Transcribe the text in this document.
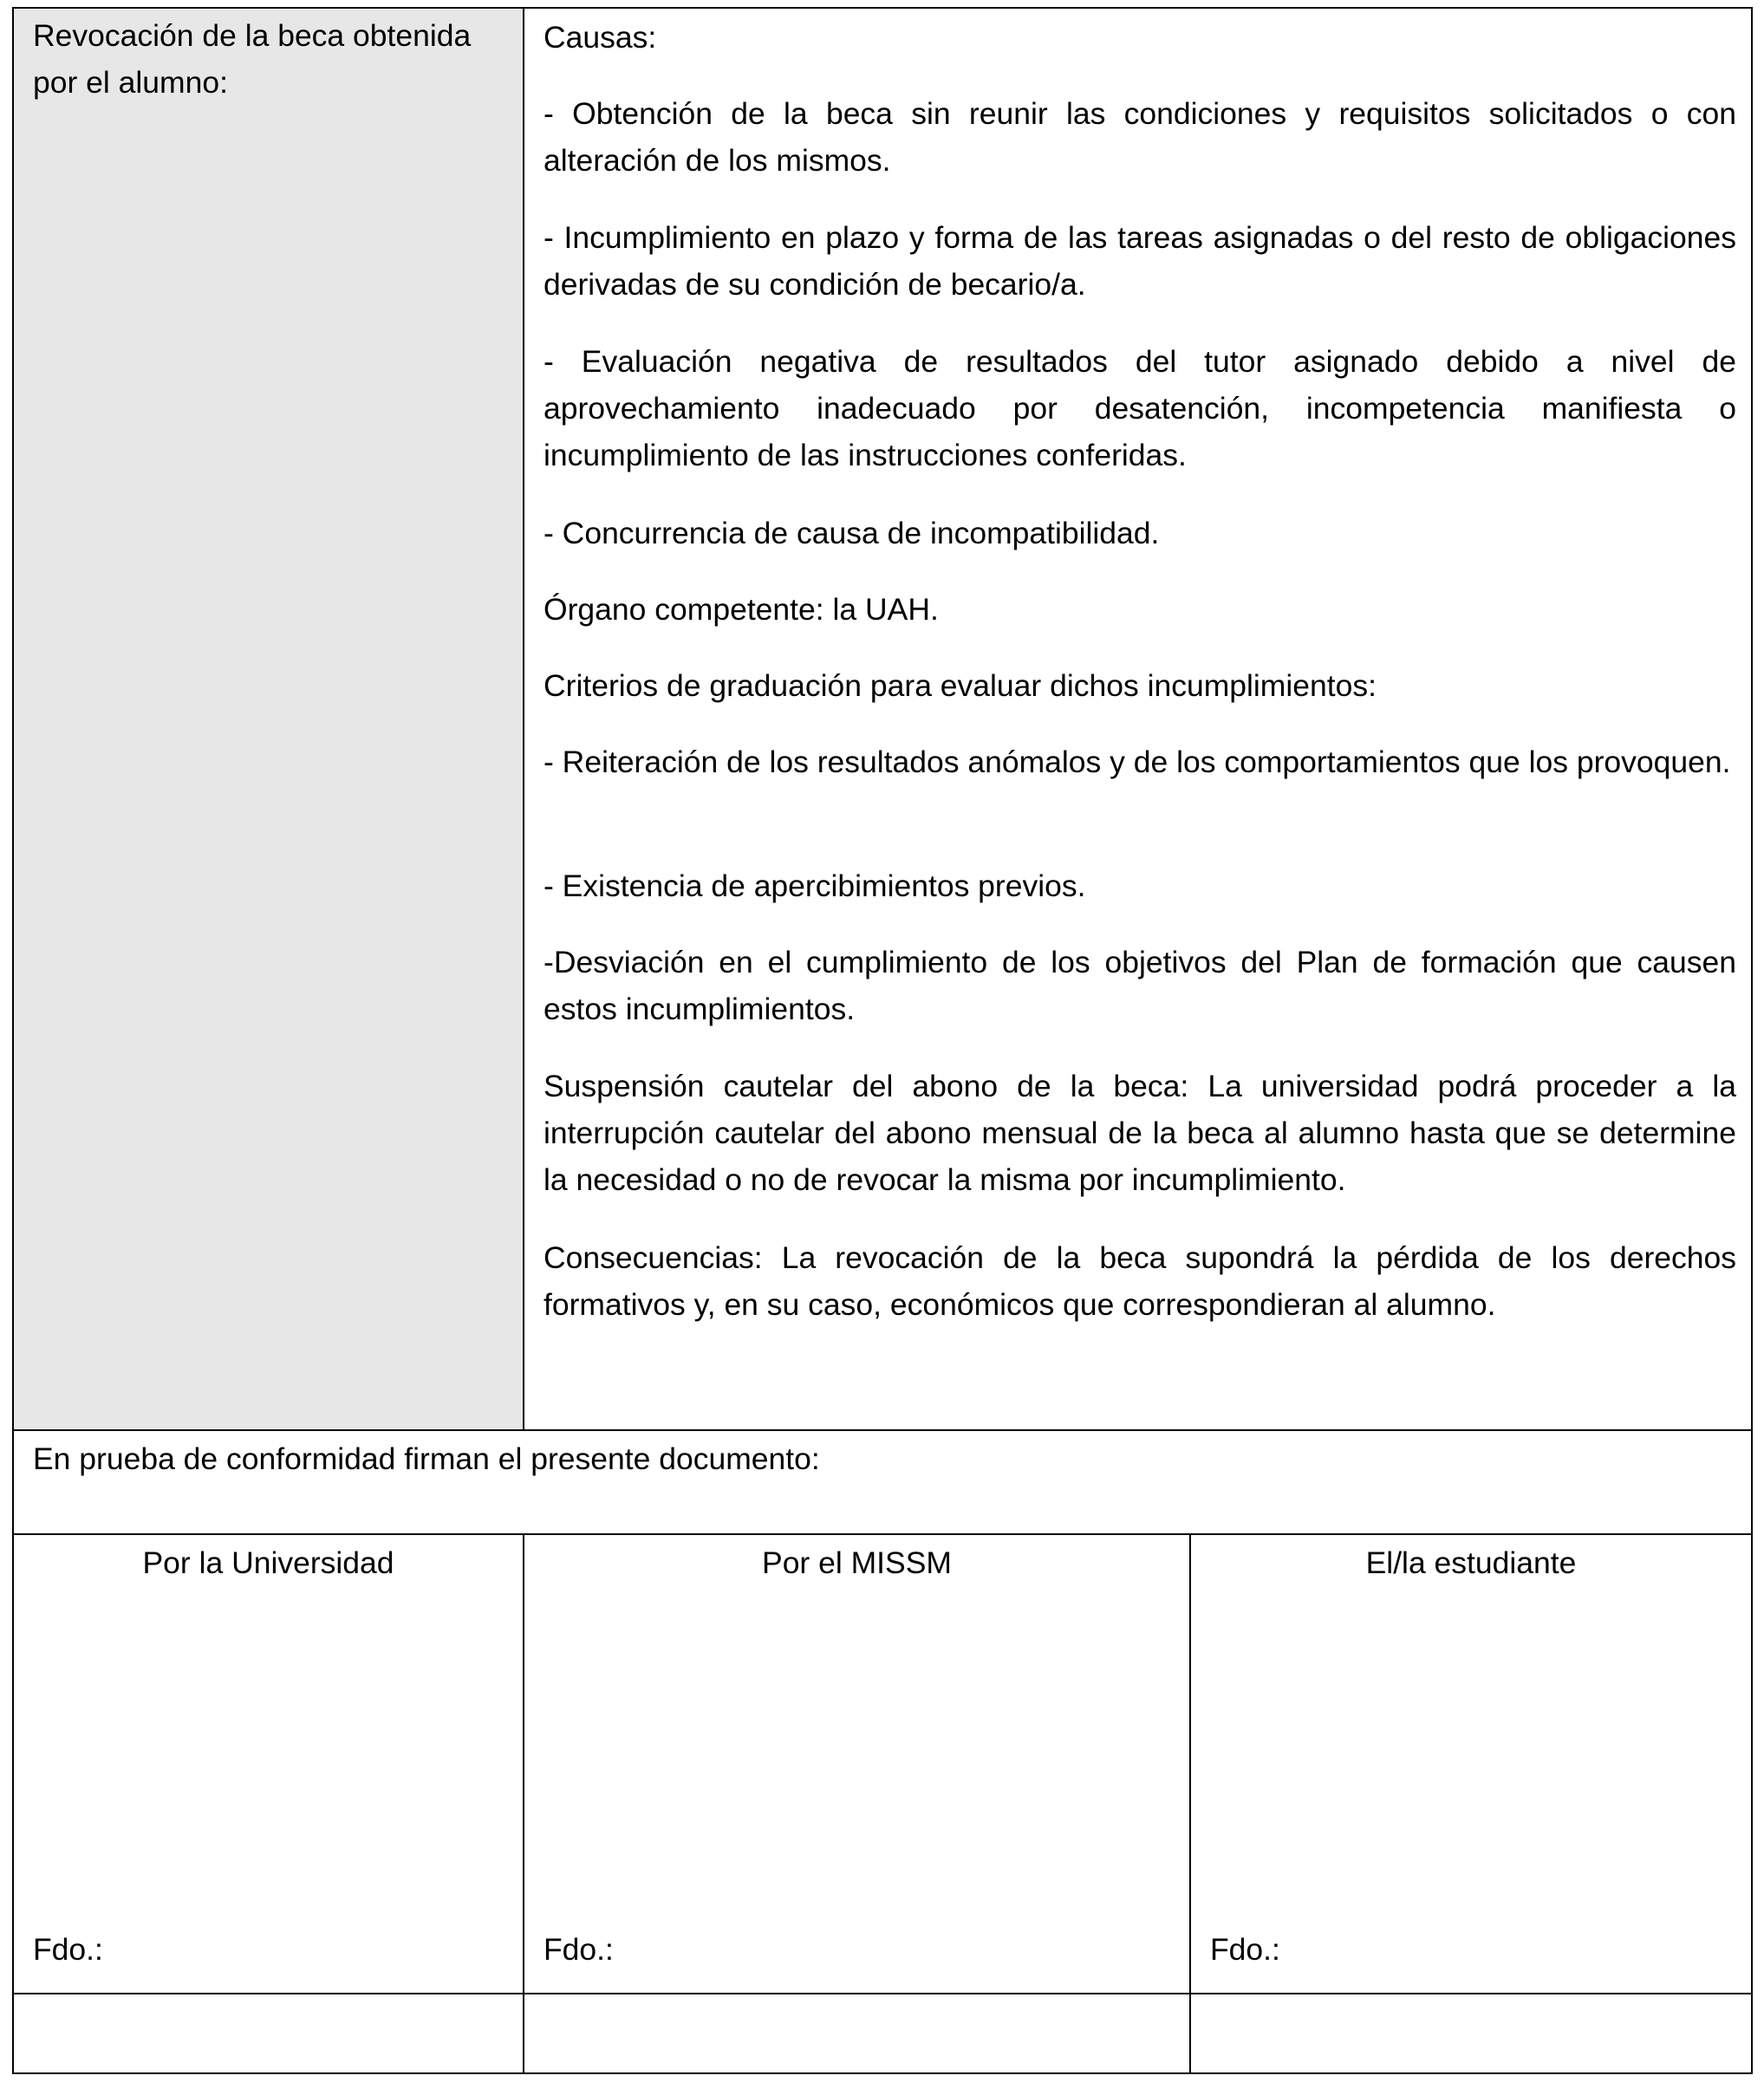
Revocación de la beca obtenida por el alumno:
Causas:
- Obtención de la beca sin reunir las condiciones y requisitos solicitados o con alteración de los mismos.
- Incumplimiento en plazo y forma de las tareas asignadas o del resto de obligaciones derivadas de su condición de becario/a.
- Evaluación negativa de resultados del tutor asignado debido a nivel de aprovechamiento inadecuado por desatención, incompetencia manifiesta o incumplimiento de las instrucciones conferidas.
- Concurrencia de causa de incompatibilidad.
Órgano competente: la UAH.
Criterios de graduación para evaluar dichos incumplimientos:
- Reiteración de los resultados anómalos y de los comportamientos que los provoquen.
- Existencia de apercibimientos previos.
-Desviación en el cumplimiento de los objetivos del Plan de formación que causen estos incumplimientos.
Suspensión cautelar del abono de la beca: La universidad podrá proceder a la interrupción cautelar del abono mensual de la beca al alumno hasta que se determine la necesidad o no de revocar la misma por incumplimiento.
Consecuencias: La revocación de la beca supondrá la pérdida de los derechos formativos y, en su caso, económicos que correspondieran al alumno.
En prueba de conformidad firman el presente documento:
Por la Universidad	Por el MISSM	El/la estudiante
Fdo.:	Fdo.:	Fdo.:
